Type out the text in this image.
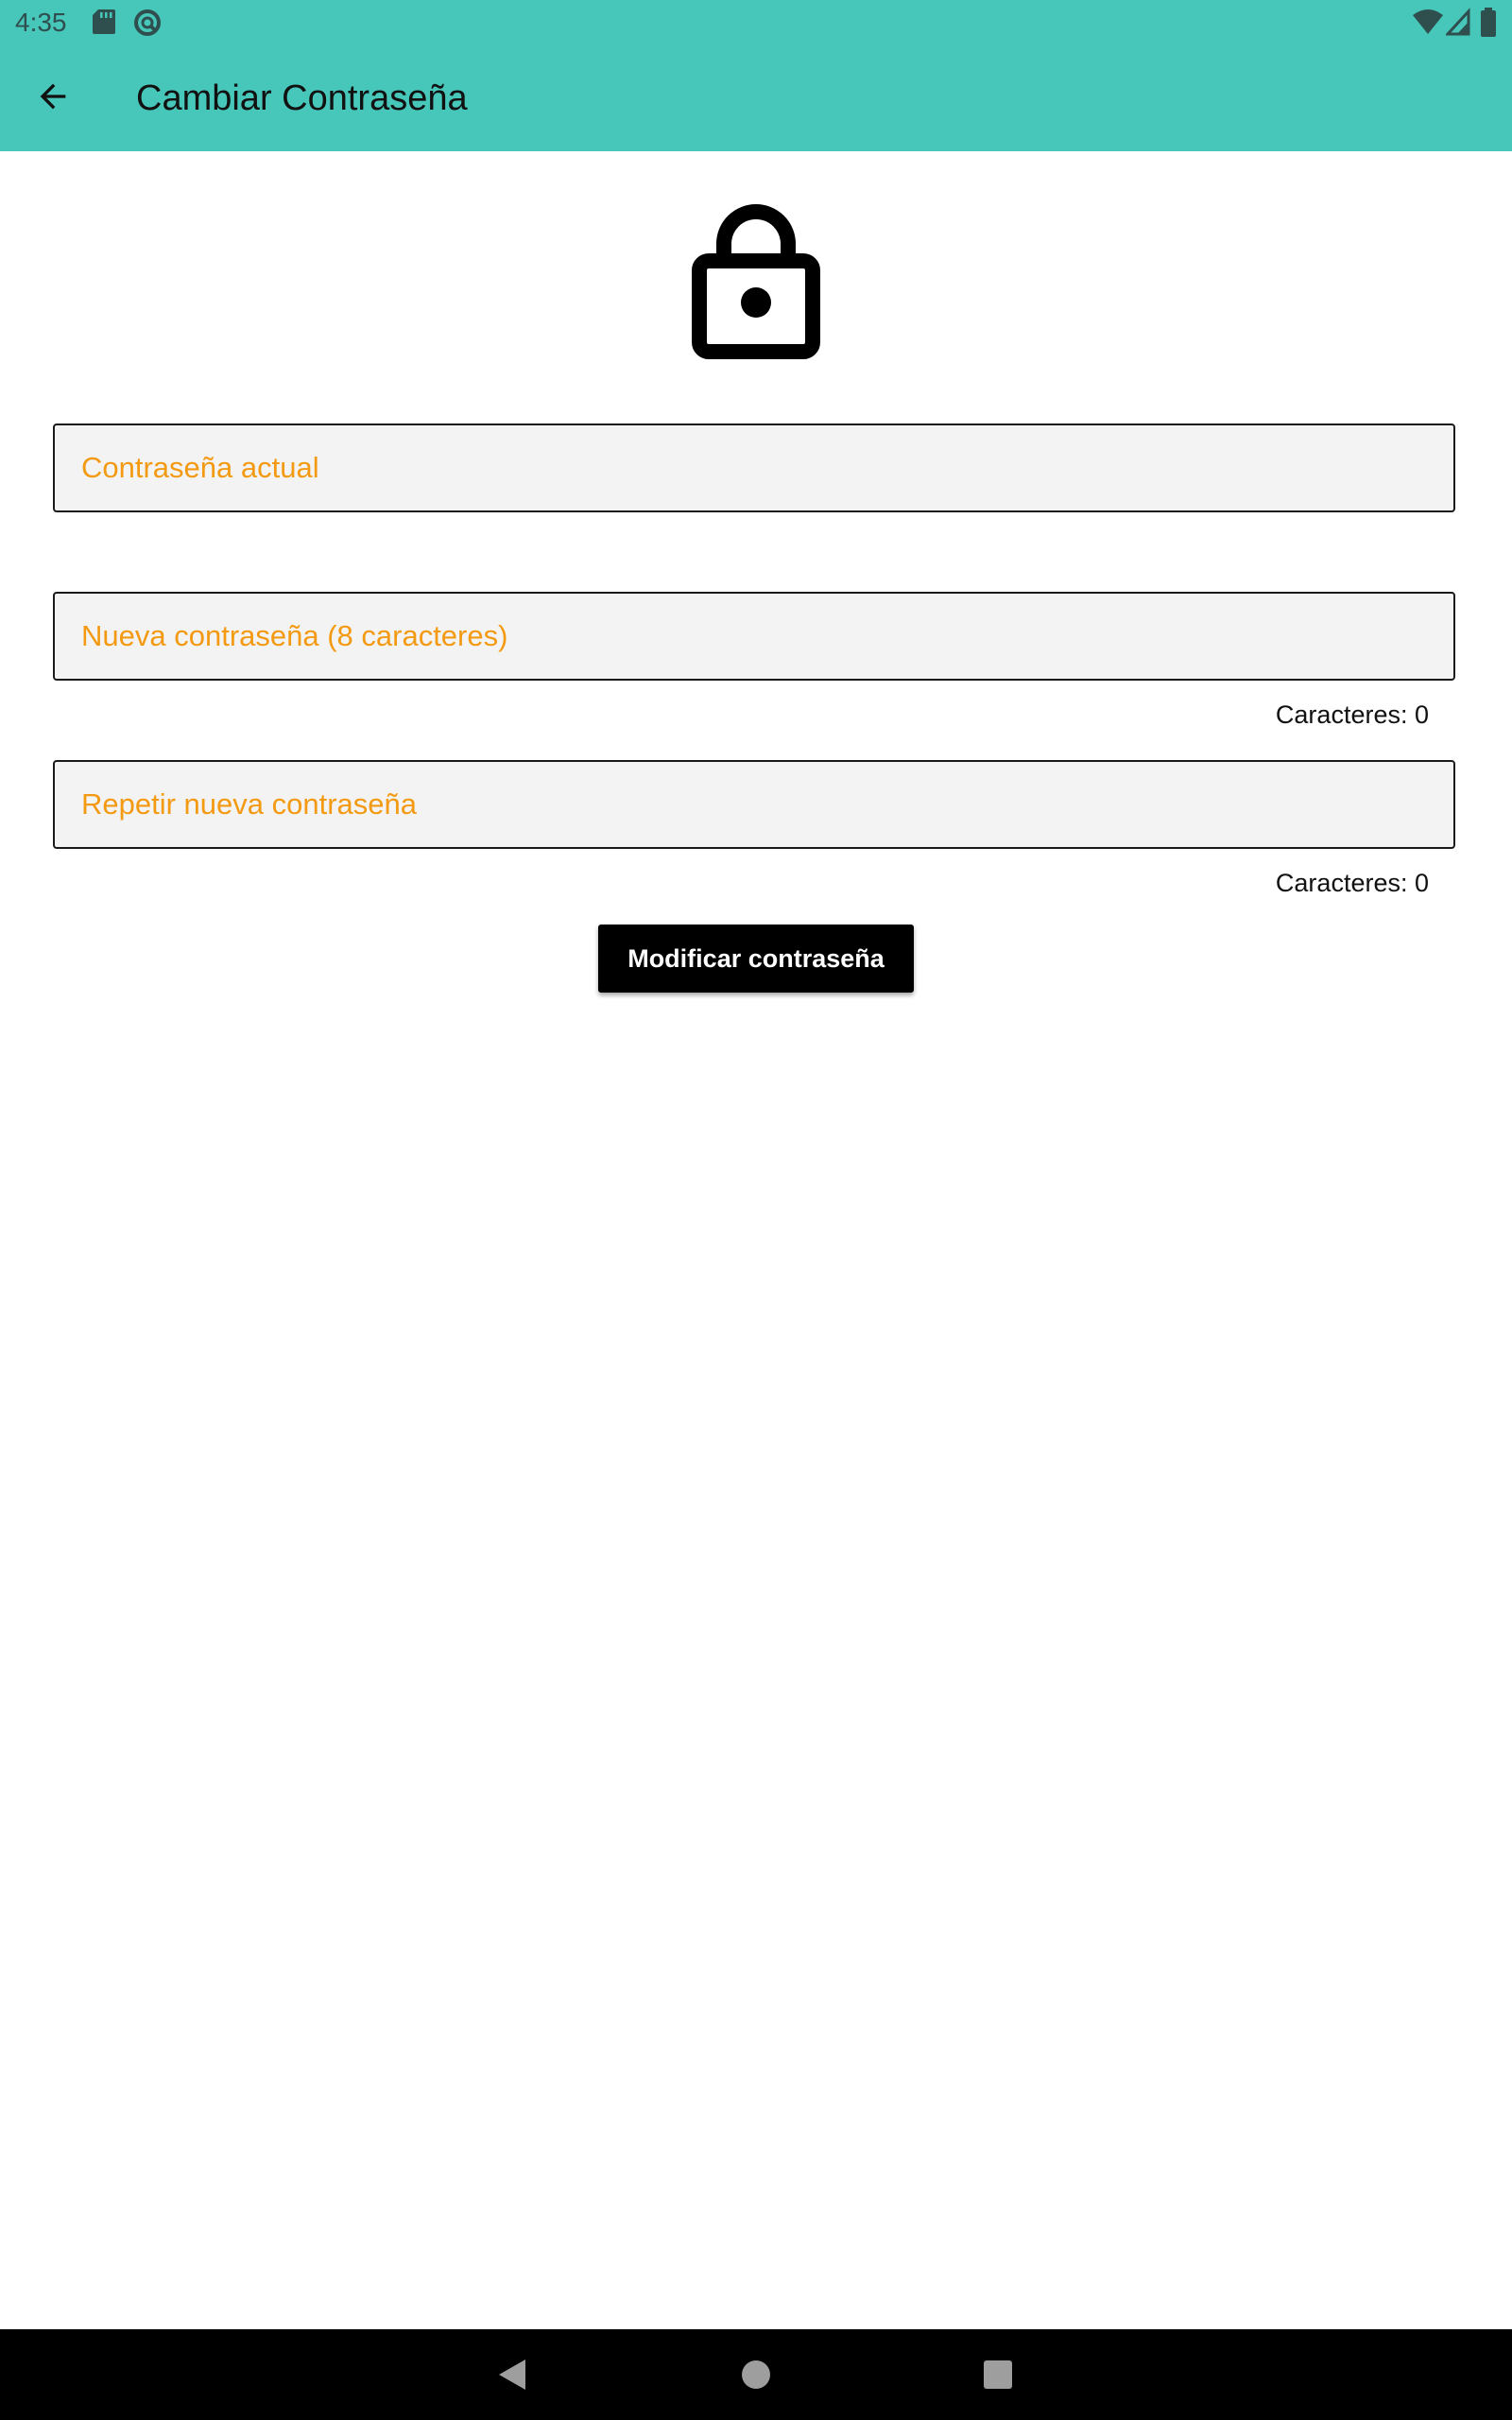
4:35
Cambiar Contraseña
Caracteres: 0
Caracteres: 0
Modificar contraseña
